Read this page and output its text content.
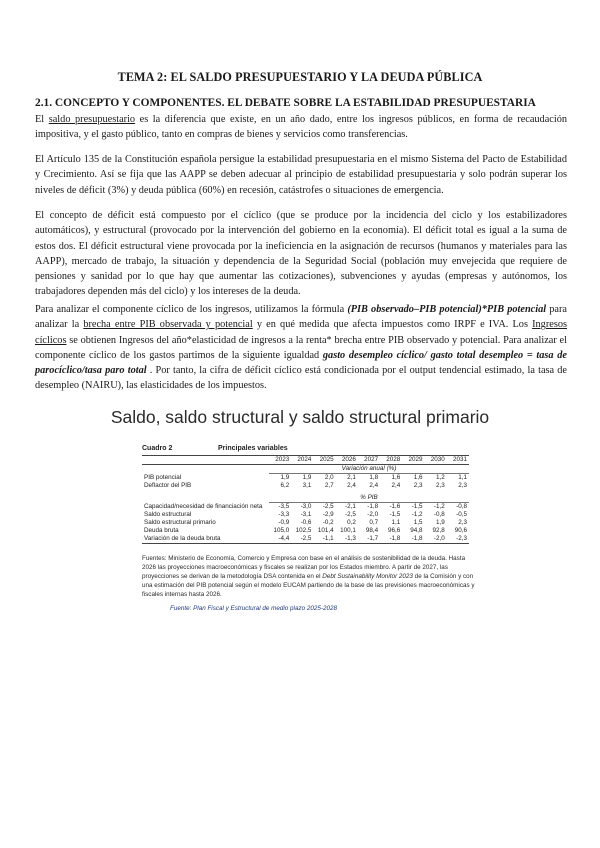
TEMA 2: EL SALDO PRESUPUESTARIO Y LA DEUDA PÚBLICA
2.1. CONCEPTO Y COMPONENTES. EL DEBATE SOBRE LA ESTABILIDAD PRESUPUESTARIA

El saldo presupuestario es la diferencia que existe, en un año dado, entre los ingresos públicos, en forma de recaudación impositiva, y el gasto público, tanto en compras de bienes y servicios como transferencias.

El Artículo 135 de la Constitución española persigue la estabilidad presupuestaria en el mismo Sistema del Pacto de Estabilidad y Crecimiento. Así se fija que las AAPP se deben adecuar al principio de estabilidad presupuestaria y solo podrán superar los niveles de déficit (3%) y deuda pública (60%) en recesión, catástrofes o situaciones de emergencia.

El concepto de déficit está compuesto por el cíclico (que se produce por la incidencia del ciclo y los estabilizadores automáticos), y estructural (provocado por la intervención del gobierno en la economía). El déficit total es igual a la suma de estos dos. El déficit estructural viene provocada por la ineficiencia en la asignación de recursos (humanos y materiales para las AAPP), mercado de trabajo, la situación y dependencia de la Seguridad Social (población muy envejecida que requiere de pensiones y sanidad por lo que hay que aumentar las cotizaciones), subvenciones y ayudas (empresas y autónomos, los trabajadores dependen más del ciclo) y los intereses de la deuda.

Para analizar el componente cíclico de los ingresos, utilizamos la fórmula (PIB observado–PIB potencial)*PIB potencial para analizar la brecha entre PIB observada y potencial y en qué medida que afecta impuestos como IRPF e IVA. Los Ingresos cíclicos se obtienen Ingresos del año*elasticidad de ingresos a la renta* brecha entre PIB observado y potencial. Para analizar el componente cíclico de los gastos partimos de la siguiente igualdad gasto desempleo cíclico/ gasto total desempleo = tasa de parocíclico/tasa paro total . Por tanto, la cifra de déficit cíclico está condicionada por el output tendencial estimado, la tasa de desempleo (NAIRU), las elasticidades de los impuestos.

Saldo, saldo structural y saldo structural primario
Cuadro 2	Principales variables
	2023	2024	2025	2026	2027	2028	2029	2030	2031
	Variación anual (%)								
PIB potencial	1,9	1,9	2,0	2,1	1,8	1,6	1,6	1,2	1,1
Deflactor del PIB	6,2	3,1	2,7	2,4	2,4	2,4	2,3	2,3	2,3

	% PIB								
Capacidad/necesidad de financiación neta	-3,5	-3,0	-2,5	-2,1	-1,8	-1,6	-1,5	-1,2	-0,8
Saldo estructural	-3,3	-3,1	-2,9	-2,5	-2,0	-1,5	-1,2	-0,8	-0,5
Saldo estructural primario	-0,9	-0,6	-0,2	0,2	0,7	1,1	1,5	1,9	2,3
Deuda bruta	105,0	102,5	101,4	100,1	98,4	96,6	94,8	92,8	90,6
Variación de la deuda bruta	-4,4	-2,5	-1,1	-1,3	-1,7	-1,8	-1,8	-2,0	-2,3

Fuentes: Ministerio de Economía, Comercio y Empresa con base en el análisis de sostenibilidad de la deuda. Hasta 2026 las proyecciones macroeconómicas y fiscales se realizan por los Estados miembro. A partir de 2027, las proyecciones se derivan de la metodología DSA contenida en el Debt Sustainability Monitor 2023 de la Comisión y con una estimación del PIB potencial según el modelo EUCAM partiendo de la base de las previsiones macroeconómicas y fiscales internas hasta 2026.

Fuente: Plan Fiscal y Estructural de medio plazo 2025-2028
